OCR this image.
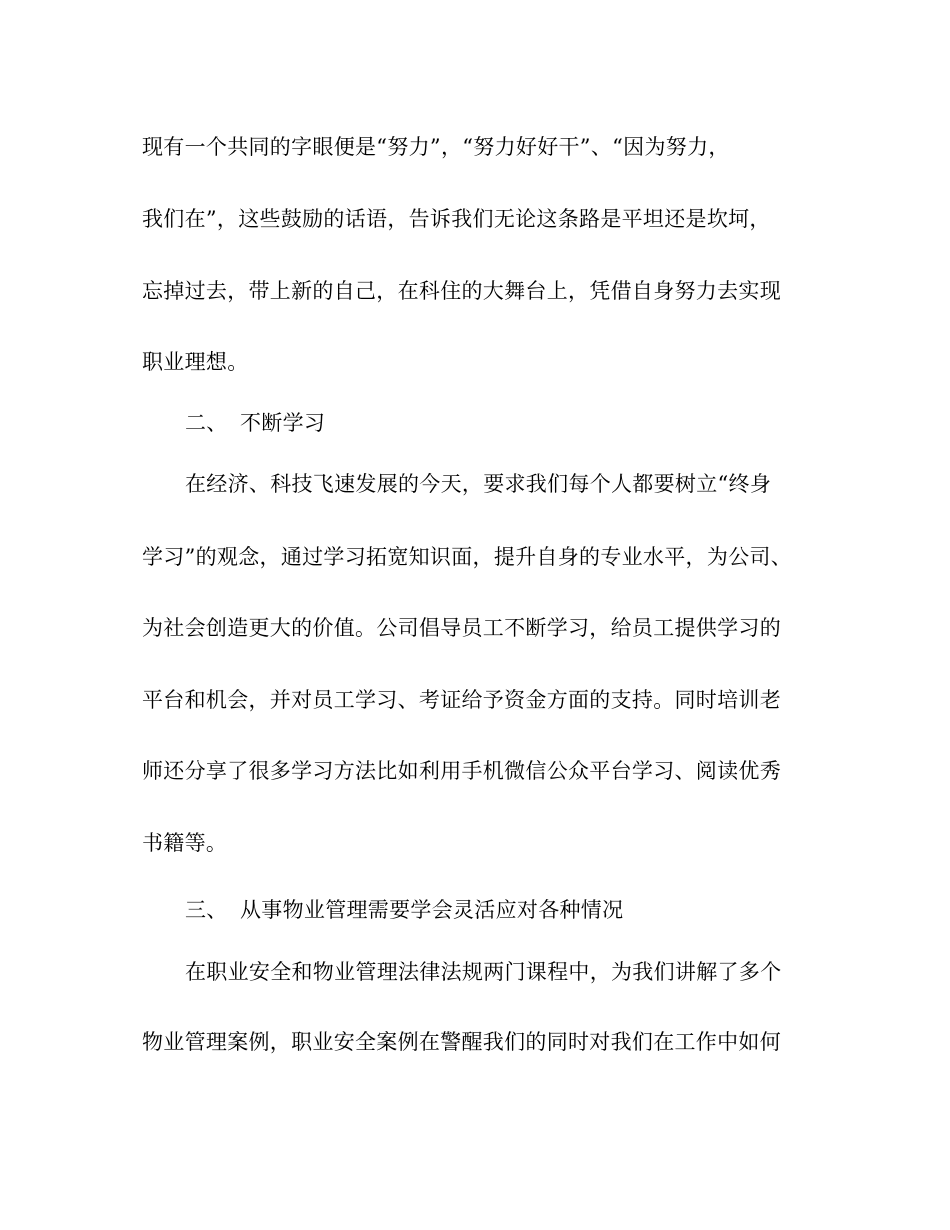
现有一个共同的字眼便是“努力”，“努力好好干”、“因为努力，
我们在”，这些鼓励的话语，告诉我们无论这条路是平坦还是坎坷，
忘掉过去，带上新的自己，在科住的大舞台上，凭借自身努力去实现
职业理想。
二、 不断学习
在经济、科技飞速发展的今天，要求我们每个人都要树立“终身
学习”的观念，通过学习拓宽知识面，提升自身的专业水平，为公司、
为社会创造更大的价值。公司倡导员工不断学习，给员工提供学习的
平台和机会，并对员工学习、考证给予资金方面的支持。同时培训老
师还分享了很多学习方法比如利用手机微信公众平台学习、阅读优秀
书籍等。
三、 从事物业管理需要学会灵活应对各种情况
在职业安全和物业管理法律法规两门课程中，为我们讲解了多个
物业管理案例，职业安全案例在警醒我们的同时对我们在工作中如何
